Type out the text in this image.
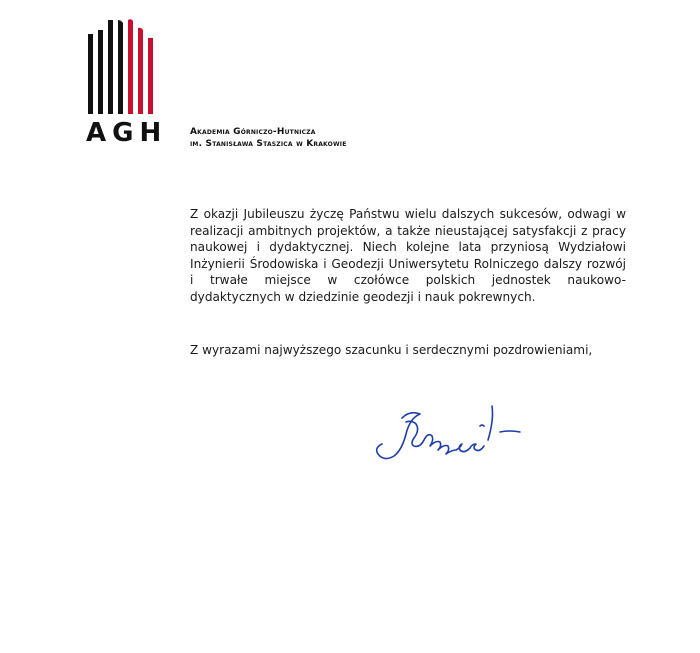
AGH	Akademia Górniczo-Hutnicza
im. Stanisława Staszica w Krakowie
Z okazji Jubileuszu życzę Państwu wielu dalszych sukcesów, odwagi w realizacji ambitnych projektów, a także nieustającej satysfakcji z pracy naukowej i dydaktycznej. Niech kolejne lata przyniosą Wydziałowi Inżynierii Środowiska i Geodezji Uniwersytetu Rolniczego dalszy rozwój i trwałe miejsce w czołówce polskich jednostek naukowo-dydaktycznych w dziedzinie geodezji i nauk pokrewnych.
Z wyrazami najwyższego szacunku i serdecznymi pozdrowieniami,
